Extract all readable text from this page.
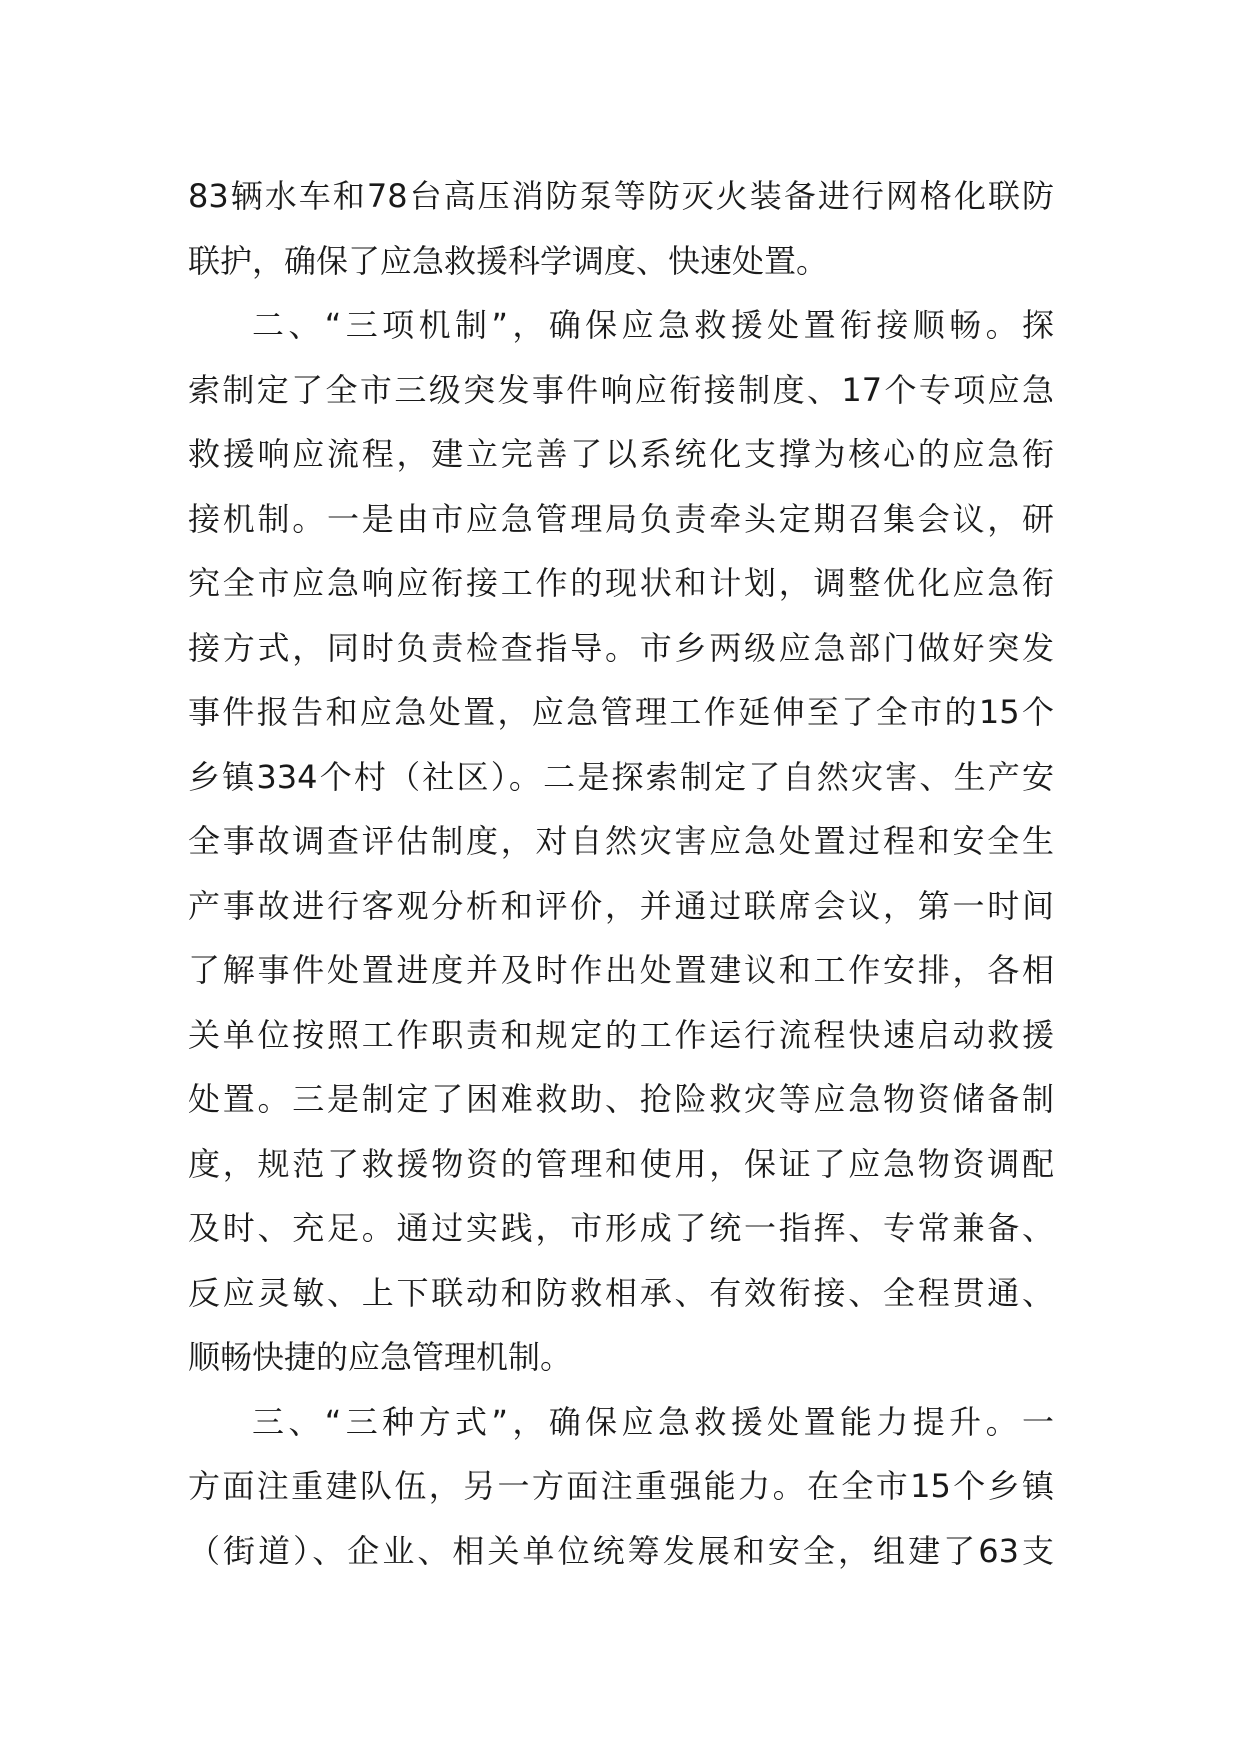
83辆水车和78台高压消防泵等防灭火装备进行网格化联防
联护，确保了应急救援科学调度、快速处置。
二、“三项机制”，确保应急救援处置衔接顺畅。探
索制定了全市三级突发事件响应衔接制度、17个专项应急
救援响应流程，建立完善了以系统化支撑为核心的应急衔
接机制。一是由市应急管理局负责牵头定期召集会议，研
究全市应急响应衔接工作的现状和计划，调整优化应急衔
接方式，同时负责检查指导。市乡两级应急部门做好突发
事件报告和应急处置，应急管理工作延伸至了全市的15个
乡镇334个村（社区）。二是探索制定了自然灾害、生产安
全事故调查评估制度，对自然灾害应急处置过程和安全生
产事故进行客观分析和评价，并通过联席会议，第一时间
了解事件处置进度并及时作出处置建议和工作安排，各相
关单位按照工作职责和规定的工作运行流程快速启动救援
处置。三是制定了困难救助、抢险救灾等应急物资储备制
度，规范了救援物资的管理和使用，保证了应急物资调配
及时、充足。通过实践，市形成了统一指挥、专常兼备、
反应灵敏、上下联动和防救相承、有效衔接、全程贯通、
顺畅快捷的应急管理机制。
三、“三种方式”，确保应急救援处置能力提升。一
方面注重建队伍，另一方面注重强能力。在全市15个乡镇
（街道）、企业、相关单位统筹发展和安全，组建了63支
